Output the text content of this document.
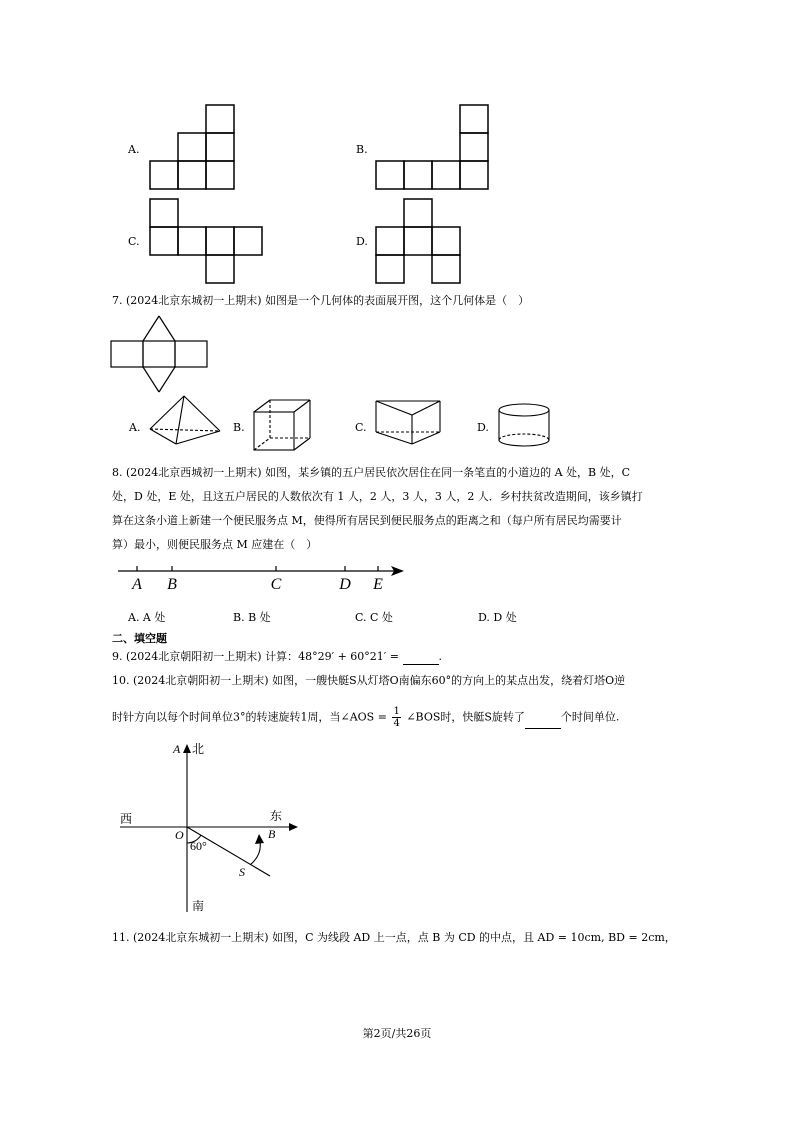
A.	B.
C.	D.
7. (2024北京东城初一上期末) 如图是一个几何体的表面展开图，这个几何体是（　）
A.	B.	C.	D.
8. (2024北京西城初一上期末) 如图，某乡镇的五户居民依次居住在同一条笔直的小道边的 A 处，B 处，C
处，D 处，E 处，且这五户居民的人数依次有 1 人，2 人，3 人，3 人，2 人．乡村扶贫改造期间，该乡镇打
算在这条小道上新建一个便民服务点 M，使得所有居民到便民服务点的距离之和（每户所有居民均需要计
算）最小，则便民服务点 M 应建在（　）
A B	C	D E
A. A 处	B. B 处	C. C 处	D. D 处
二、填空题
9. (2024北京朝阳初一上期末) 计算：48°29′ + 60°21′ =	.
10. (2024北京朝阳初一上期末) 如图，一艘快艇S从灯塔O南偏东60°的方向上的某点出发，绕着灯塔O逆
时针方向以每个时间单位3°的转速旋转1周，当∠AOS = $\frac{1}{4}$ ∠BOS时，快艇S旋转了	个时间单位.
A 北
西	东
O	B
60°
S
南
11. (2024北京东城初一上期末) 如图，C 为线段 AD 上一点，点 B 为 CD 的中点，且 AD = 10cm, BD = 2cm，
第2页/共26页
